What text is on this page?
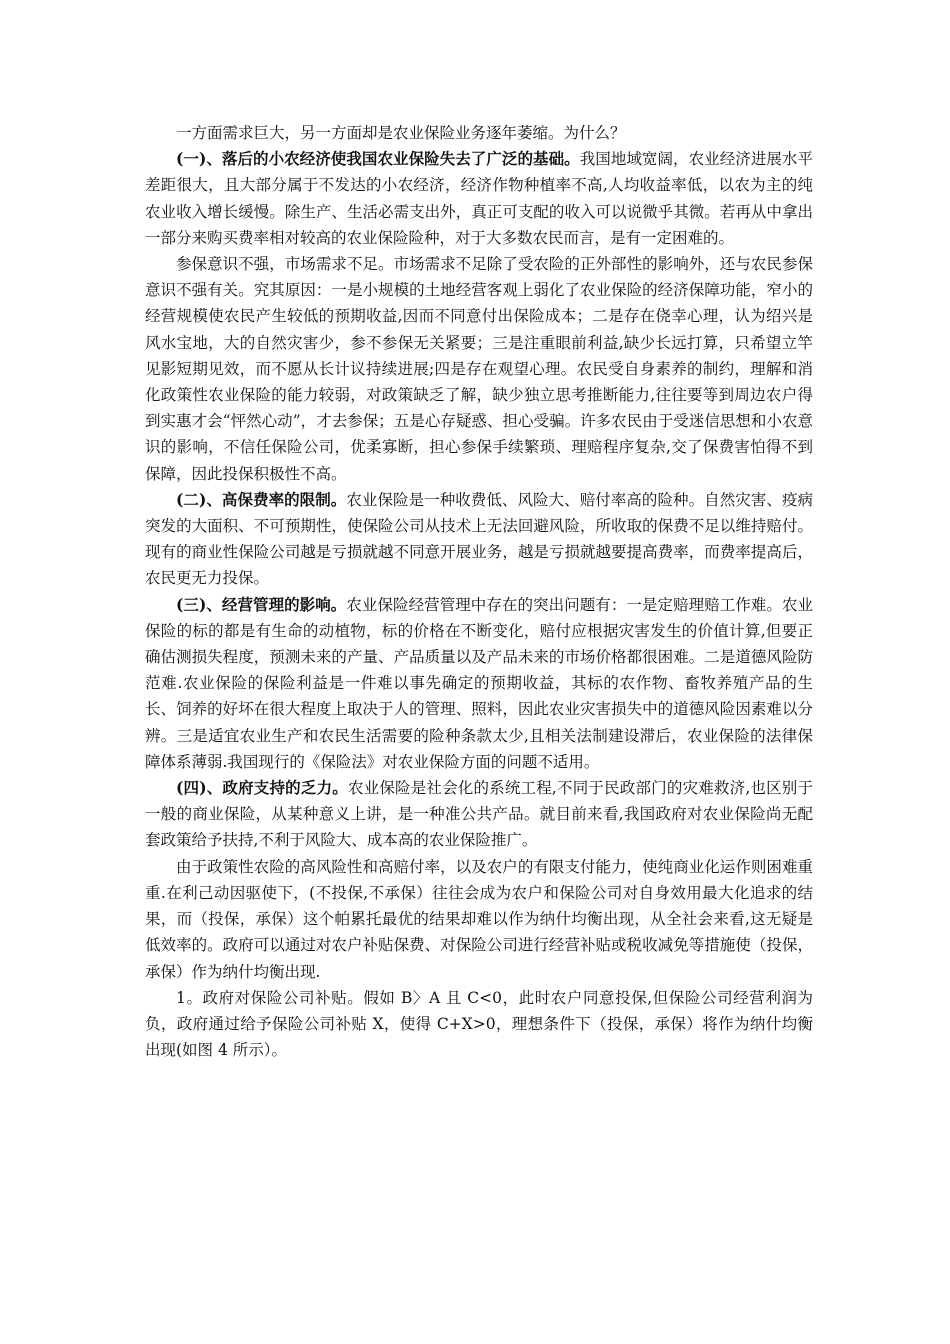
一方面需求巨大，另一方面却是农业保险业务逐年萎缩。为什么？

(一)、落后的小农经济使我国农业保险失去了广泛的基础。我国地域宽阔，农业经济进展水平差距很大，且大部分属于不发达的小农经济，经济作物种植率不高,人均收益率低，以农为主的纯农业收入增长缓慢。除生产、生活必需支出外，真正可支配的收入可以说微乎其微。若再从中拿出一部分来购买费率相对较高的农业保险险种，对于大多数农民而言，是有一定困难的。

参保意识不强，市场需求不足。市场需求不足除了受农险的正外部性的影响外，还与农民参保意识不强有关。究其原因：一是小规模的土地经营客观上弱化了农业保险的经济保障功能，窄小的经营规模使农民产生较低的预期收益,因而不同意付出保险成本；二是存在侥幸心理，认为绍兴是风水宝地，大的自然灾害少，参不参保无关紧要；三是注重眼前利益,缺少长远打算，只希望立竿见影短期见效，而不愿从长计议持续进展;四是存在观望心理。农民受自身素养的制约，理解和消化政策性农业保险的能力较弱，对政策缺乏了解，缺少独立思考推断能力,往往要等到周边农户得到实惠才会“怦然心动”，才去参保；五是心存疑惑、担心受骗。许多农民由于受迷信思想和小农意识的影响，不信任保险公司，优柔寡断，担心参保手续繁琐、理赔程序复杂,交了保费害怕得不到保障，因此投保积极性不高。

(二)、高保费率的限制。农业保险是一种收费低、风险大、赔付率高的险种。自然灾害、疫病突发的大面积、不可预期性，使保险公司从技术上无法回避风险，所收取的保费不足以维持赔付。现有的商业性保险公司越是亏损就越不同意开展业务，越是亏损就越要提高费率，而费率提高后，农民更无力投保。

(三)、经营管理的影响。农业保险经营管理中存在的突出问题有：一是定赔理赔工作难。农业保险的标的都是有生命的动植物，标的价格在不断变化，赔付应根据灾害发生的价值计算,但要正确估测损失程度，预测未来的产量、产品质量以及产品未来的市场价格都很困难。二是道德风险防范难.农业保险的保险利益是一件难以事先确定的预期收益，其标的农作物、畜牧养殖产品的生长、饲养的好坏在很大程度上取决于人的管理、照料，因此农业灾害损失中的道德风险因素难以分辨。三是适宜农业生产和农民生活需要的险种条款太少,且相关法制建设滞后，农业保险的法律保障体系薄弱.我国现行的《保险法》对农业保险方面的问题不适用。

(四)、政府支持的乏力。农业保险是社会化的系统工程,不同于民政部门的灾难救济,也区别于一般的商业保险，从某种意义上讲，是一种准公共产品。就目前来看,我国政府对农业保险尚无配套政策给予扶持,不利于风险大、成本高的农业保险推广。

由于政策性农险的高风险性和高赔付率，以及农户的有限支付能力，使纯商业化运作则困难重重.在利己动因驱使下，(不投保,不承保）往往会成为农户和保险公司对自身效用最大化追求的结果，而（投保，承保）这个帕累托最优的结果却难以作为纳什均衡出现，从全社会来看,这无疑是低效率的。政府可以通过对农户补贴保费、对保险公司进行经营补贴或税收减免等措施使（投保，承保）作为纳什均衡出现.

1。政府对保险公司补贴。假如 B〉A 且 C<0，此时农户同意投保,但保险公司经营利润为负，政府通过给予保险公司补贴 X，使得 C+X>0，理想条件下（投保，承保）将作为纳什均衡出现(如图 4 所示）。
